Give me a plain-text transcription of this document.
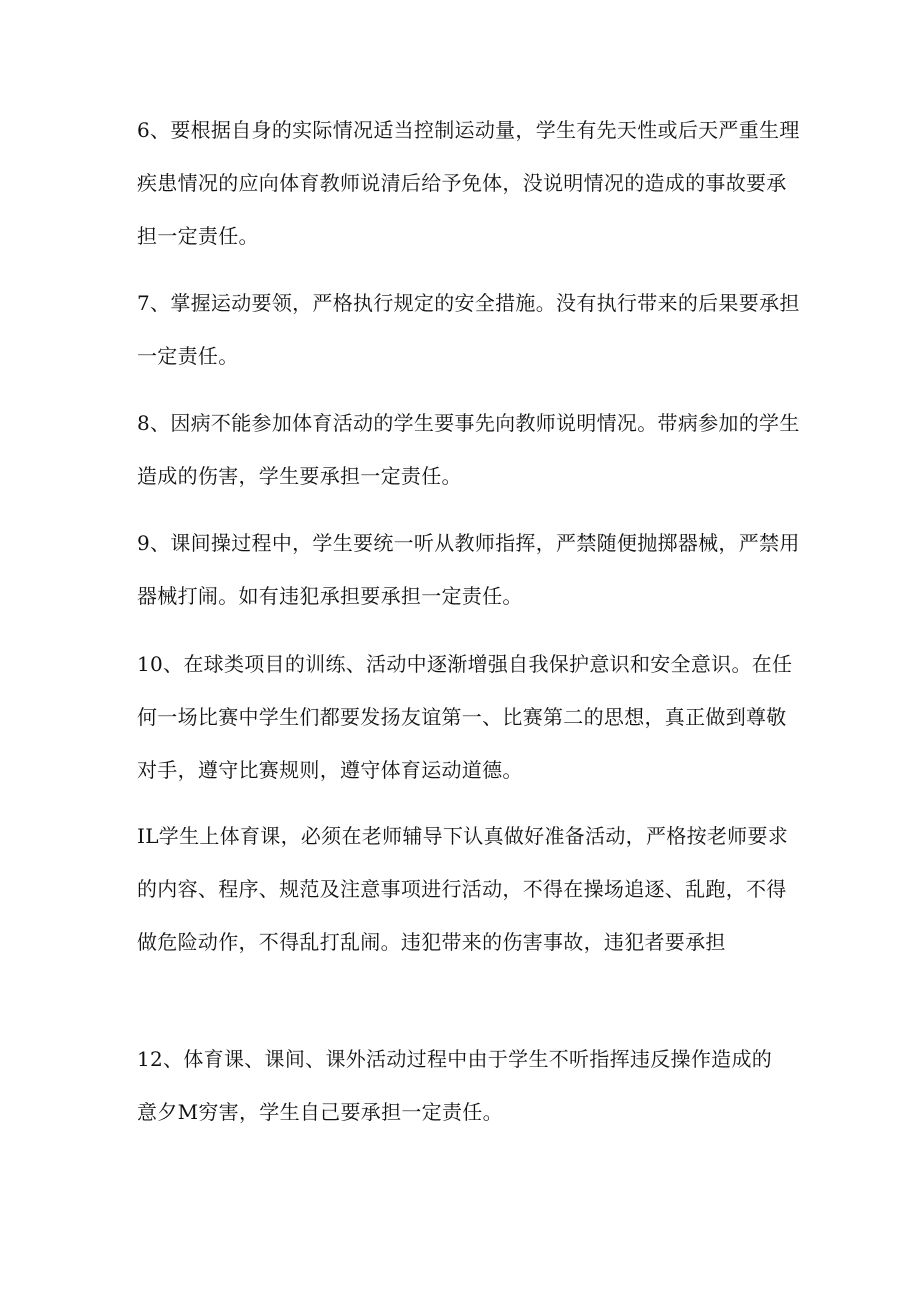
6、要根据自身的实际情况适当控制运动量，学生有先天性或后天严重生理
疾患情况的应向体育教师说清后给予免体，没说明情况的造成的事故要承
担一定责任。
7、掌握运动要领，严格执行规定的安全措施。没有执行带来的后果要承担
一定责任。
8、因病不能参加体育活动的学生要事先向教师说明情况。带病参加的学生
造成的伤害，学生要承担一定责任。
9、课间操过程中，学生要统一听从教师指挥，严禁随便抛掷器械，严禁用
器械打闹。如有违犯承担要承担一定责任。
10、在球类项目的训练、活动中逐渐增强自我保护意识和安全意识。在任
何一场比赛中学生们都要发扬友谊第一、比赛第二的思想，真正做到尊敬
对手，遵守比赛规则，遵守体育运动道德。
IL学生上体育课，必须在老师辅导下认真做好准备活动，严格按老师要求
的内容、程序、规范及注意事项进行活动，不得在操场追逐、乱跑，不得
做危险动作，不得乱打乱闹。违犯带来的伤害事故，违犯者要承担
12、体育课、课间、课外活动过程中由于学生不听指挥违反操作造成的
意夕M穷害，学生自己要承担一定责任。
